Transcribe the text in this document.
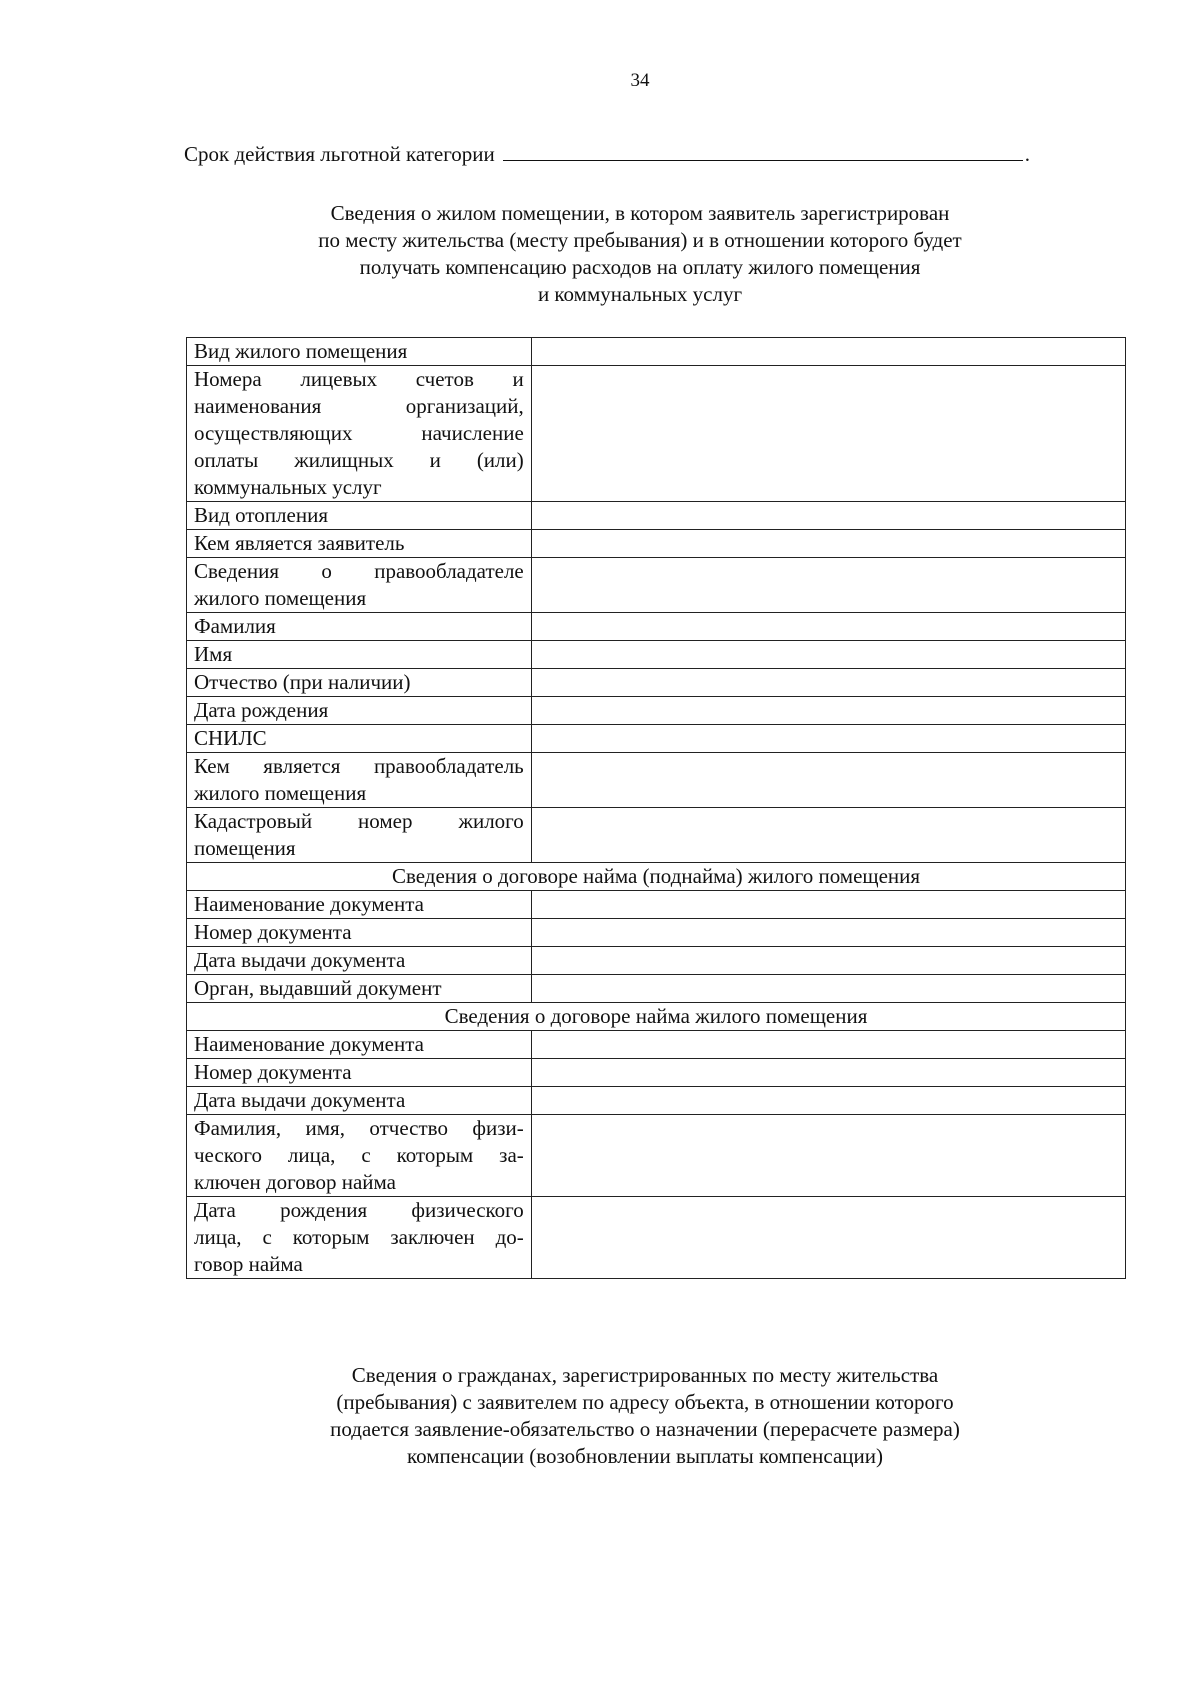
34
Срок действия льготной категории	.
Сведения о жилом помещении, в котором заявитель зарегистрирован
по месту жительства (месту пребывания) и в отношении которого будет
получать компенсацию расходов на оплату жилого помещения
и коммунальных услуг
Вид жилого помещения	

Номера лицевых счетов и
наименования организаций,
осуществляющих начисление
оплаты жилищных и (или)
коммунальных услуг	

Вид отопления	

Кем является заявитель	

Сведения о правообладателе
жилого помещения	

Фамилия	

Имя	

Отчество (при наличии)	

Дата рождения	

СНИЛС	

Кем является правообладатель
жилого помещения	

Кадастровый номер жилого
помещения	

Сведения о договоре найма (поднайма) жилого помещения	

Наименование документа	

Номер документа	

Дата выдачи документа	

Орган, выдавший документ	

Сведения о договоре найма жилого помещения	

Наименование документа	

Номер документа	

Дата выдачи документа	

Фамилия, имя, отчество физи-
ческого лица, с которым за-
ключен договор найма	

Дата рождения физического
лица, с которым заключен до-
говор найма	

Сведения о гражданах, зарегистрированных по месту жительства
(пребывания) с заявителем по адресу объекта, в отношении которого
подается заявление-обязательство о назначении (перерасчете размера)
компенсации (возобновлении выплаты компенсации)
